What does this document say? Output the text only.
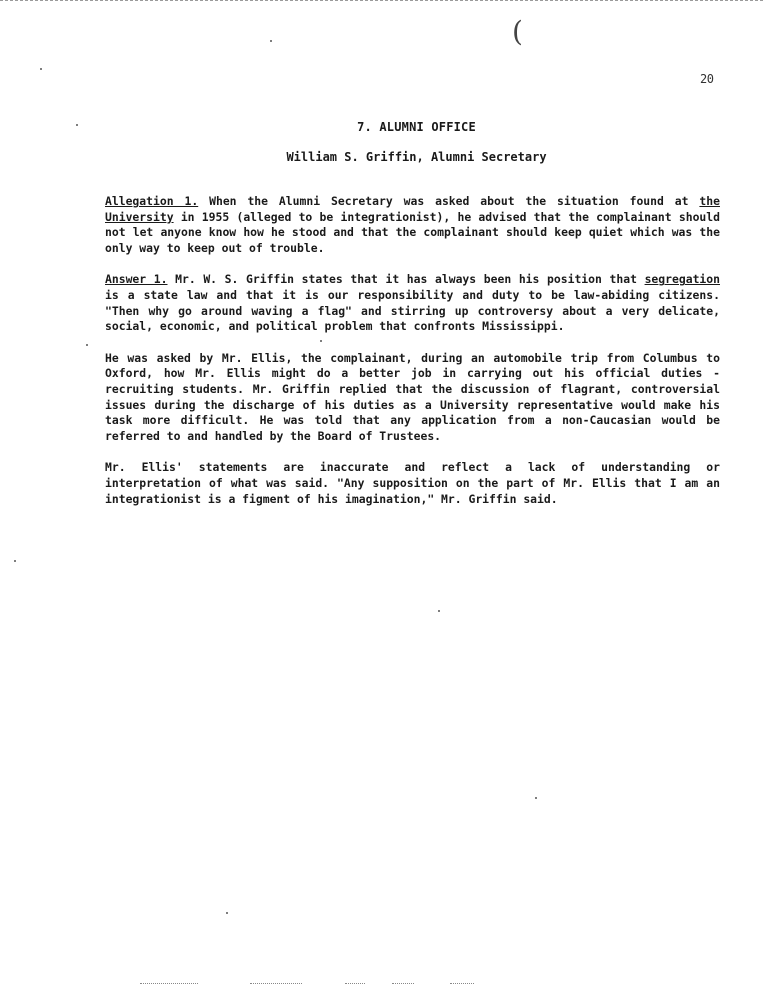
(
20
7. ALUMNI OFFICE
William S. Griffin, Alumni Secretary

Allegation 1. When the Alumni Secretary was asked about the situation found at the University in 1955 (alleged to be integrationist), he advised that the complainant should not let anyone know how he stood and that the complainant should keep quiet which was the only way to keep out of trouble.

Answer 1. Mr. W. S. Griffin states that it has always been his position that segregation is a state law and that it is our responsibility and duty to be law-abiding citizens. "Then why go around waving a flag" and stirring up controversy about a very delicate, social, economic, and political problem that confronts Mississippi.

He was asked by Mr. Ellis, the complainant, during an automobile trip from Columbus to Oxford, how Mr. Ellis might do a better job in carrying out his official duties - recruiting students. Mr. Griffin replied that the discussion of flagrant, controversial issues during the discharge of his duties as a University representative would make his task more difficult. He was told that any application from a non-Caucasian would be referred to and handled by the Board of Trustees.

Mr. Ellis' statements are inaccurate and reflect a lack of understanding or interpretation of what was said. "Any supposition on the part of Mr. Ellis that I am an integrationist is a figment of his imagination," Mr. Griffin said.
